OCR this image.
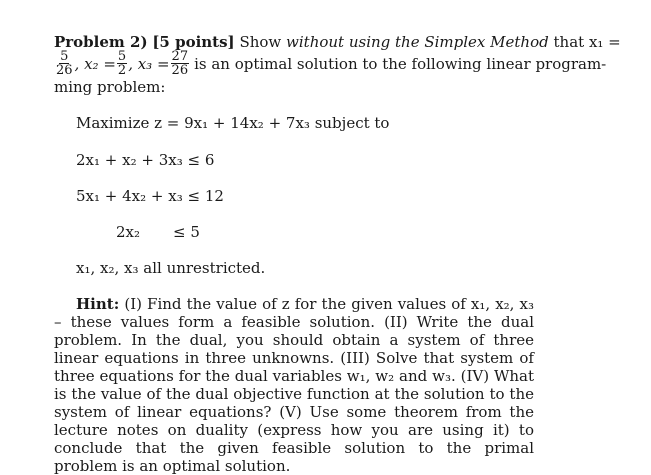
Problem 2) [5 points] Show without using the Simplex Method that x₁ =
$\frac{5}{26}$ , $x_2 = \frac{5}{2}$ , $x_3 = \frac{27}{26}$ is an optimal solution to the following linear program-
ming problem:
Maximize z = 9x₁ + 14x₂ + 7x₃ subject to
2x₁ + x₂ + 3x₃ ≤ 6
5x₁ + 4x₂ + x₃ ≤ 12
2x₂ ≤ 5
x₁, x₂, x₃ all unrestricted.

Hint: (I) Find the value of z for the given values of x₁, x₂, x₃ – these values form a feasible solution. (II) Write the dual problem. In the dual, you should obtain a system of three linear equations in three unknowns. (III) Solve that system of three equations for the dual variables w₁, w₂ and w₃. (IV) What is the value of the dual objective function at the solution to the system of linear equations? (V) Use some theorem from the lecture notes on duality (express how you are using it) to conclude that the given feasible solution to the primal problem is an optimal solution.
